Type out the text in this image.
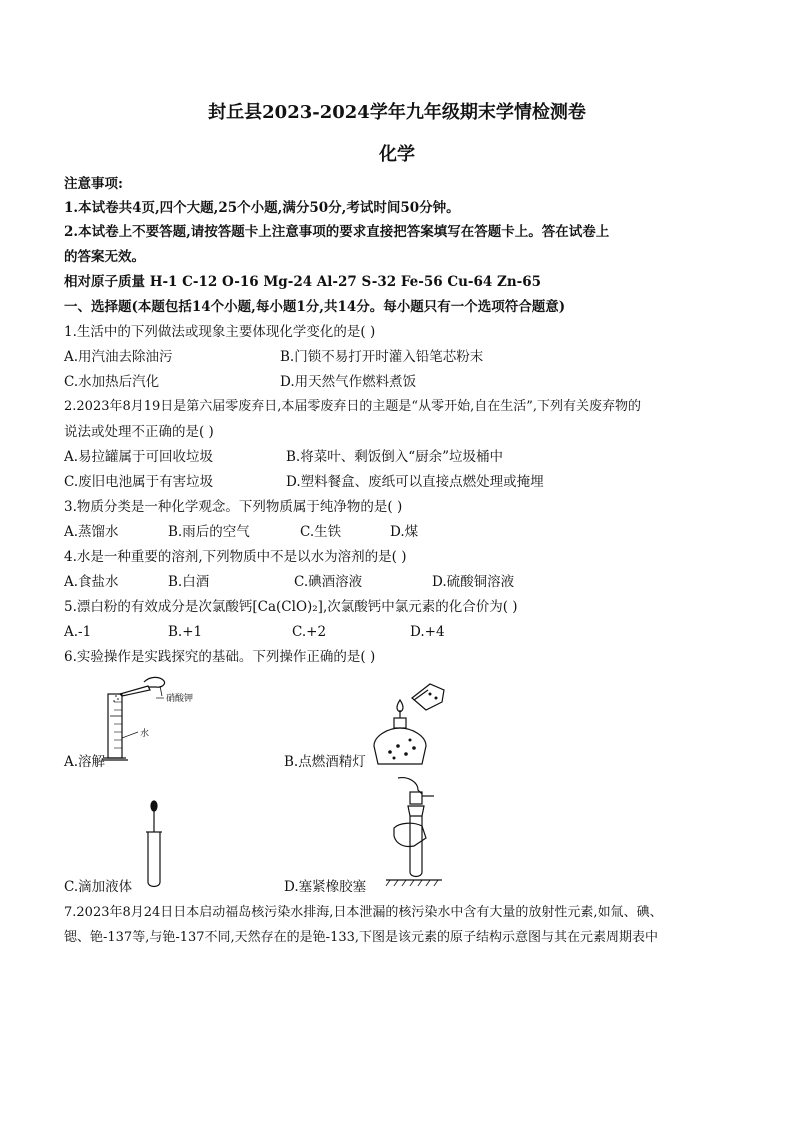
封丘县2023-2024学年九年级期末学情检测卷
化学
注意事项:
1.本试卷共4页,四个大题,25个小题,满分50分,考试时间50分钟。
2.本试卷上不要答题,请按答题卡上注意事项的要求直接把答案填写在答题卡上。答在试卷上
的答案无效。
相对原子质量 H-1 C-12 O-16 Mg-24 Al-27 S-32 Fe-56 Cu-64 Zn-65
一、选择题(本题包括14个小题,每小题1分,共14分。每小题只有一个选项符合题意)
1.生活中的下列做法或现象主要体现化学变化的是( )
A.用汽油去除油污	B.门锁不易打开时灌入铅笔芯粉末
C.水加热后汽化	D.用天然气作燃料煮饭
2.2023年8月19日是第六届零废弃日,本届零废弃日的主题是“从零开始,自在生活”,下列有关废弃物的
说法或处理不正确的是( )
A.易拉罐属于可回收垃圾	B.将菜叶、剩饭倒入“厨余”垃圾桶中
C.废旧电池属于有害垃圾	D.塑料餐盒、废纸可以直接点燃处理或掩埋
3.物质分类是一种化学观念。下列物质属于纯净物的是( )
A.蒸馏水	B.雨后的空气	C.生铁	D.煤
4.水是一种重要的溶剂,下列物质中不是以水为溶剂的是( )
A.食盐水	B.白酒	C.碘酒溶液	D.硫酸铜溶液
5.漂白粉的有效成分是次氯酸钙[Ca(ClO)₂],次氯酸钙中氯元素的化合价为( )
A.-1	B.+1	C.+2	D.+4
6.实验操作是实践探究的基础。下列操作正确的是( )
硝酸钾
水
A.溶解	B.点燃酒精灯
C.滴加液体	D.塞紧橡胶塞
7.2023年8月24日日本启动福岛核污染水排海,日本泄漏的核污染水中含有大量的放射性元素,如氚、碘、
锶、铯-137等,与铯-137不同,天然存在的是铯-133,下图是该元素的原子结构示意图与其在元素周期表中
